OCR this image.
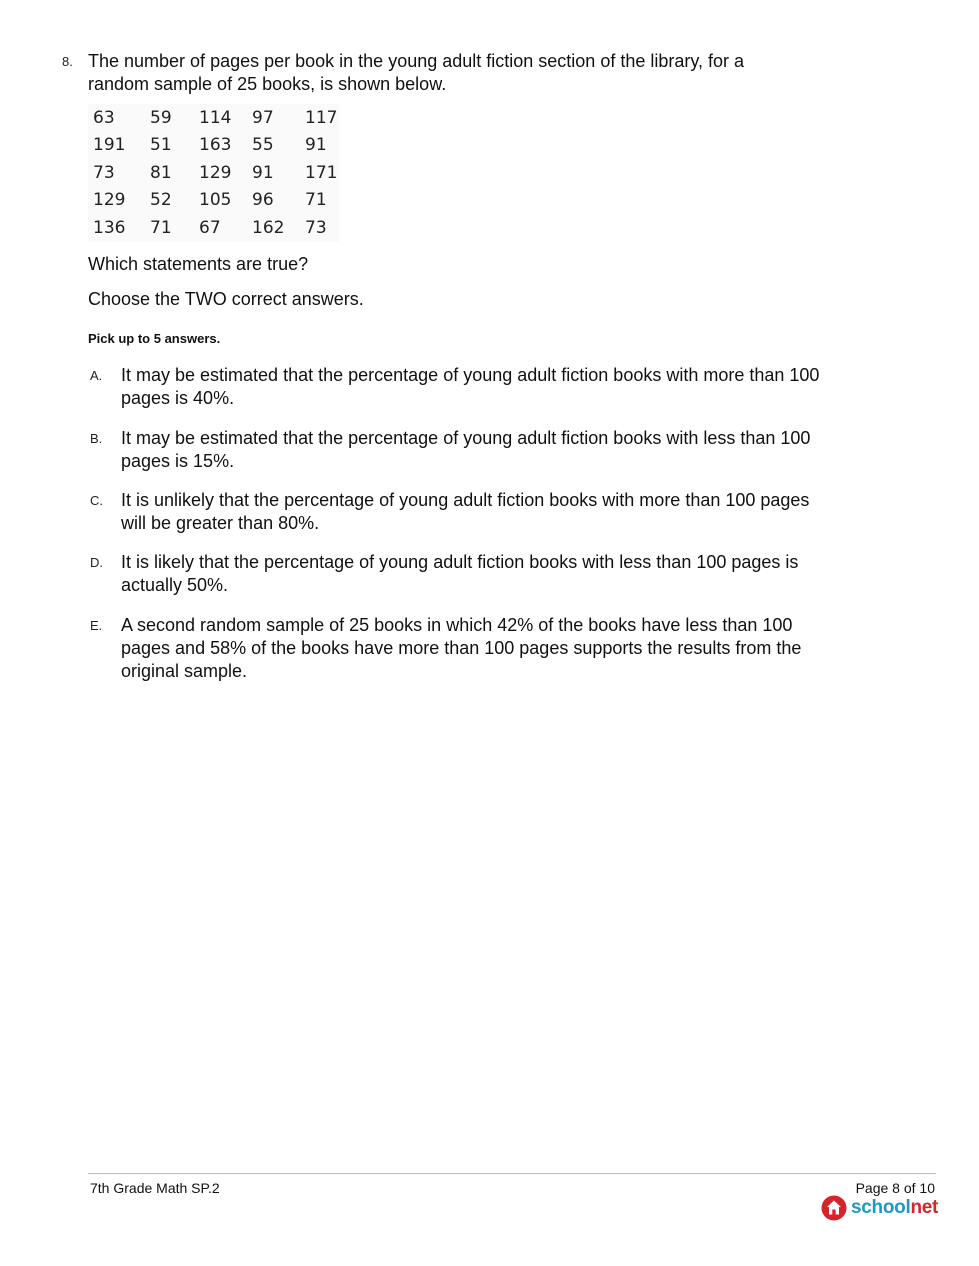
8. The number of pages per book in the young adult fiction section of the library, for a random sample of 25 books, is shown below.
63	59	114	97	117
191	51	163	55	91
73	81	129	91	171
129	52	105	96	71
136	71	67	162	73
Which statements are true?
Choose the TWO correct answers.
Pick up to 5 answers.
A. It may be estimated that the percentage of young adult fiction books with more than 100 pages is 40%.
B. It may be estimated that the percentage of young adult fiction books with less than 100 pages is 15%.
C. It is unlikely that the percentage of young adult fiction books with more than 100 pages will be greater than 80%.
D. It is likely that the percentage of young adult fiction books with less than 100 pages is actually 50%.
E. A second random sample of 25 books in which 42% of the books have less than 100 pages and 58% of the books have more than 100 pages supports the results from the original sample.
7th Grade Math SP.2	Page 8 of 10
schoolnet
